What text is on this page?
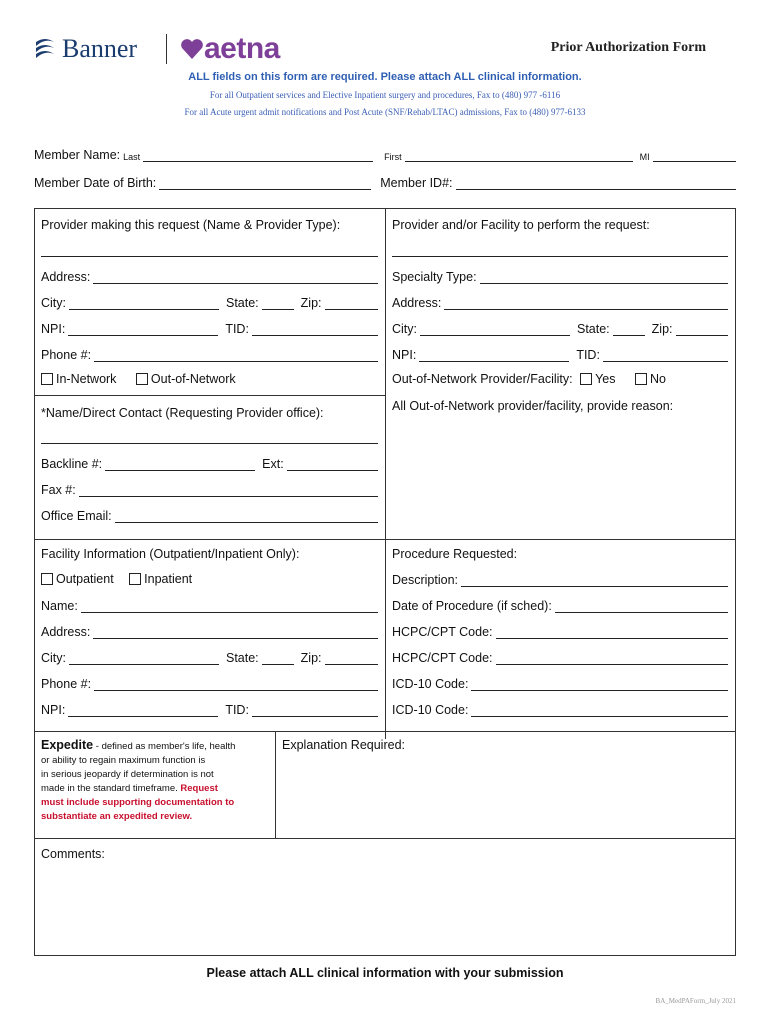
Banner aetna	Prior Authorization Form
ALL fields on this form are required. Please attach ALL clinical information.
For all Outpatient services and Elective Inpatient surgery and procedures, Fax to (480) 977 -6116
For all Acute urgent admit notifications and Post Acute (SNF/Rehab/LTAC) admissions, Fax to (480) 977-6133
Member Name: Last	First	MI
Member Date of Birth:	Member ID#:
Provider making this request (Name & Provider Type):
Address:
City:	State:	Zip:
NPI:	TID:
Phone #:
In-Network	Out-of-Network
*Name/Direct Contact (Requesting Provider office):
Backline #:	Ext:
Fax #:
Office Email:
Provider and/or Facility to perform the request:
Specialty Type:
Address:
City:	State:	Zip:
NPI:	TID:
Out-of-Network Provider/Facility: Yes	No
All Out-of-Network provider/facility, provide reason:
Facility Information (Outpatient/Inpatient Only):
Outpatient Inpatient
Name:
Address:
City:	State:	Zip:
Phone #:
NPI:	TID:
Procedure Requested:
Description:
Date of Procedure (if sched):
HCPC/CPT Code:
HCPC/CPT Code:
ICD-10 Code:
ICD-10 Code:
Expedite - defined as member's life, health
or ability to regain maximum function is
in serious jeopardy if determination is not
made in the standard timeframe. Request
must include supporting documentation to
substantiate an expedited review.
Explanation Required:
Comments:
Please attach ALL clinical information with your submission
BA_MedPAForm_July 2021
